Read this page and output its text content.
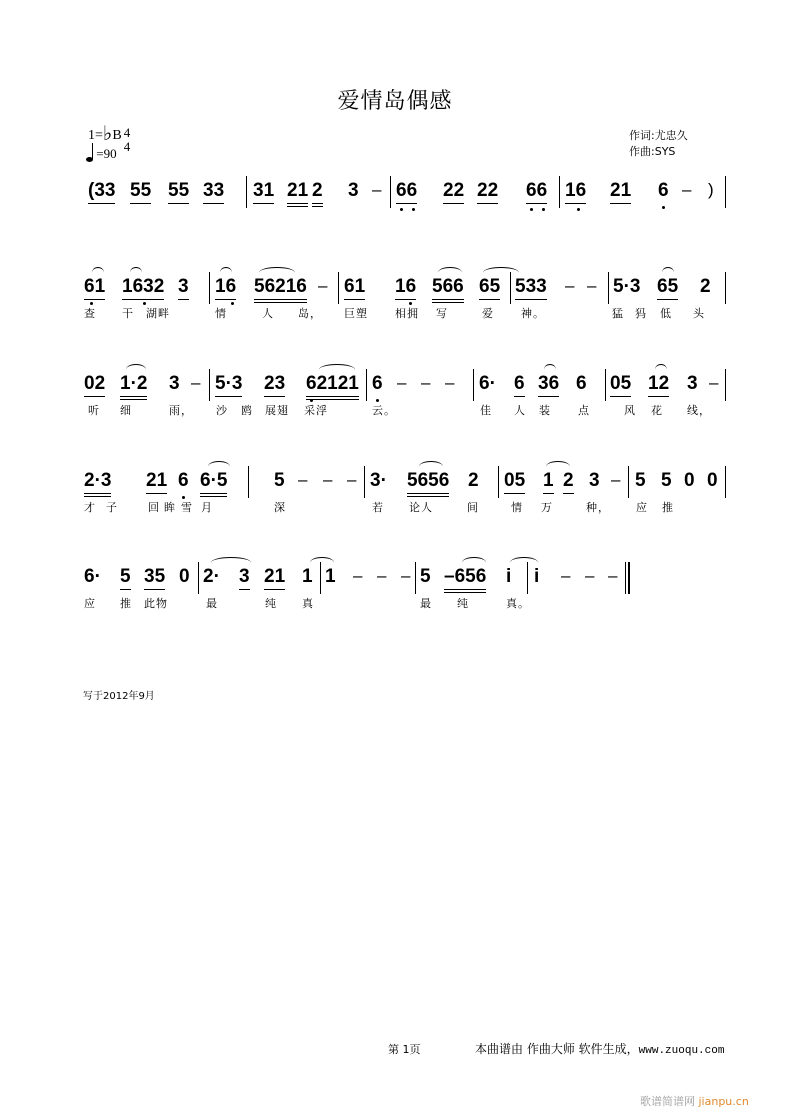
爱情岛偶感
1=♭B 4
4
=90
作词:尤忠久
作曲:SYS
(33 55 55 33 31 21 2 3 – 66 22 22 66 16 21 6 – )
61 1632 3 16 56216 – 61 16 566 65 533 – – 5·3 65 2
查 干 湖畔	情	人 岛， 巨塑 相拥 写	爱 神。	猛 犸 低 头
02 1·2 3 – 5·3 23 62121 6 – – – 6· 6 36 6 05 12 3 –
听 细	雨， 沙 鸥 展翅 采浮	云。	佳 人 装 点	风 花 线，
2·3 21 6 6·5 5 – – – 3· 5656 2 05 1 2 3 – 5 5 0 0
才 子	回 眸 雪 月	深	若 论人	间	情 万	种， 应 推
6· 5 35 0 2· 3 21 1 1 – – – 5 –656 i i – – –
应 推 此物	最	纯 真	最 纯	真。
写于2012年9月
第 1页	本曲谱由 作曲大师 软件生成，www.zuoqu.com
歌谱简谱网 jianpu.cn
